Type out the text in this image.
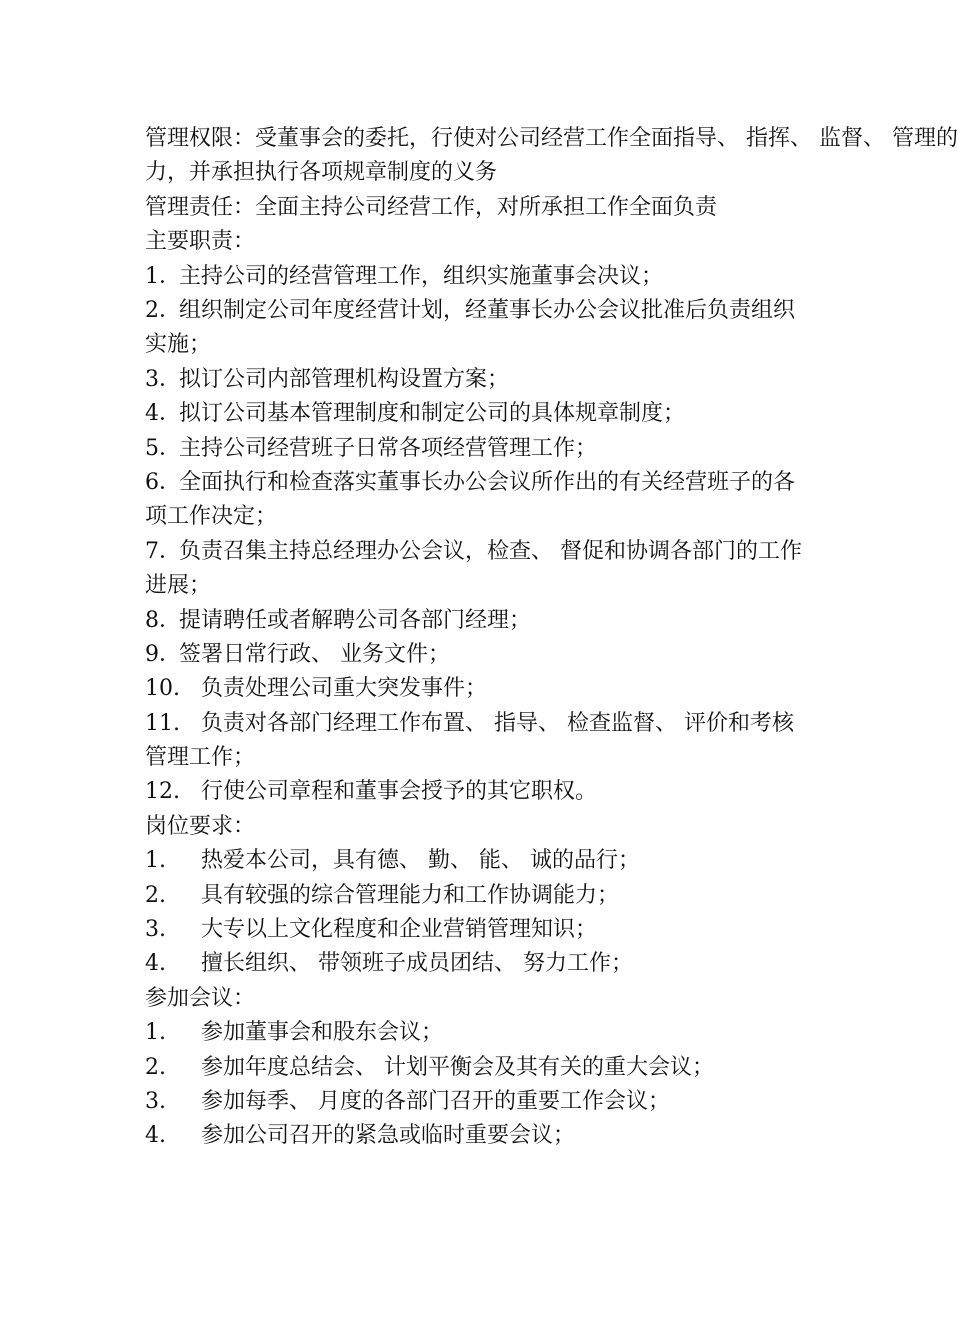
管理权限：受董事会的委托，行使对公司经营工作全面指导、 指挥、 监督、 管理的
力，并承担执行各项规章制度的义务
管理责任：全面主持公司经营工作，对所承担工作全面负责
主要职责：
1．主持公司的经营管理工作，组织实施董事会决议；
2．组织制定公司年度经营计划，经董事长办公会议批准后负责组织实施；
3．拟订公司内部管理机构设置方案；
4．拟订公司基本管理制度和制定公司的具体规章制度；
5．主持公司经营班子日常各项经营管理工作；
6．全面执行和检查落实董事长办公会议所作出的有关经营班子的各项工作决定；
7．负责召集主持总经理办公会议，检查、 督促和协调各部门的工作进展；
8．提请聘任或者解聘公司各部门经理；
9．签署日常行政、 业务文件；
10. 负责处理公司重大突发事件；
11. 负责对各部门经理工作布置、 指导、 检查监督、 评价和考核管理工作；
12. 行使公司章程和董事会授予的其它职权。
岗位要求：
1. 热爱本公司，具有德、 勤、 能、 诚的品行；
2. 具有较强的综合管理能力和工作协调能力；
3. 大专以上文化程度和企业营销管理知识；
4. 擅长组织、 带领班子成员团结、 努力工作；
参加会议：
1. 参加董事会和股东会议；
2. 参加年度总结会、 计划平衡会及其有关的重大会议；
3. 参加每季、 月度的各部门召开的重要工作会议；
4. 参加公司召开的紧急或临时重要会议；
